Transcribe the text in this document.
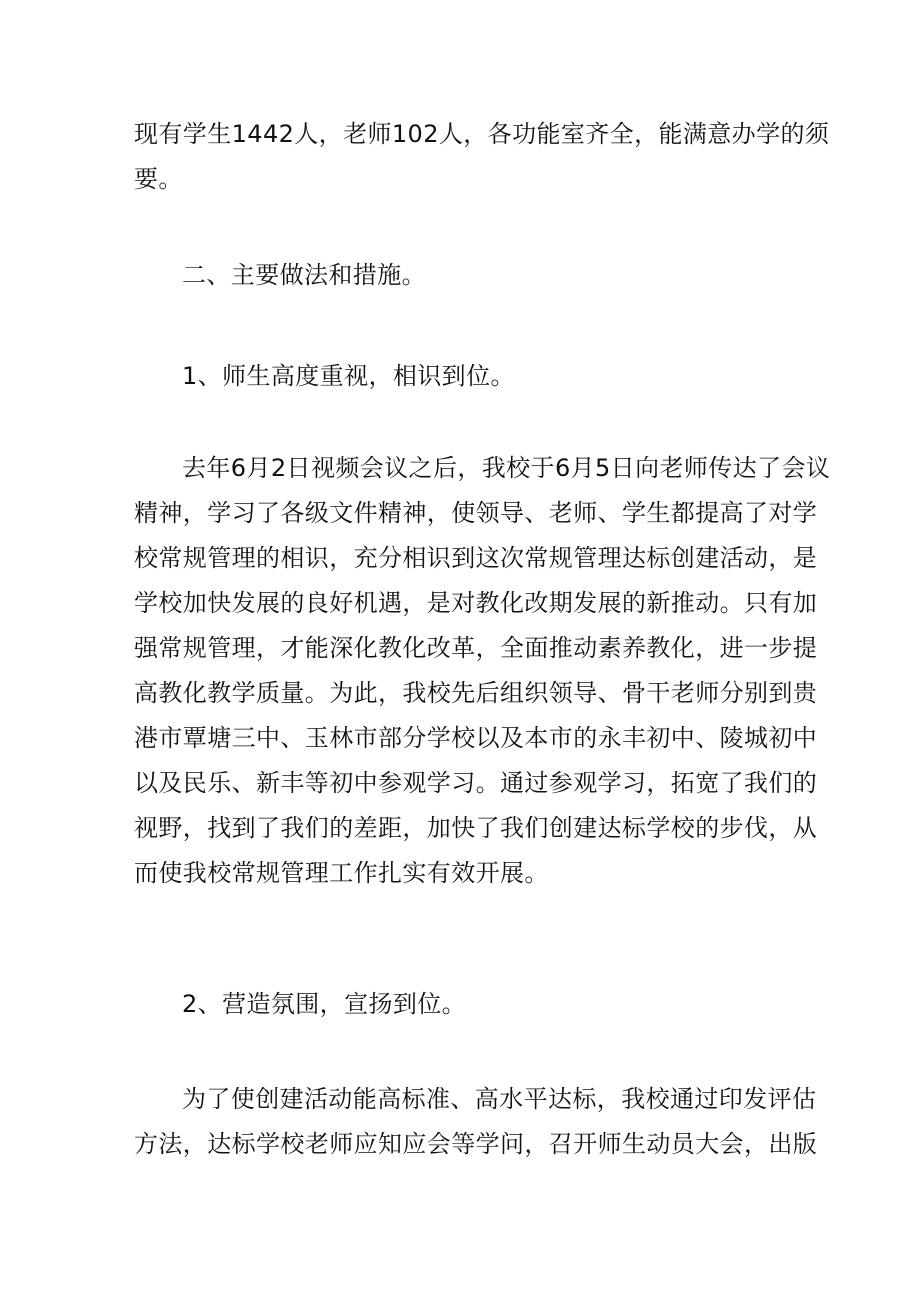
现有学生1442人，老师102人，各功能室齐全，能满意办学的须
要。
二、主要做法和措施。
1、师生高度重视，相识到位。
去年6月2日视频会议之后，我校于6月5日向老师传达了会议
精神，学习了各级文件精神，使领导、老师、学生都提高了对学
校常规管理的相识，充分相识到这次常规管理达标创建活动，是
学校加快发展的良好机遇，是对教化改期发展的新推动。只有加
强常规管理，才能深化教化改革，全面推动素养教化，进一步提
高教化教学质量。为此，我校先后组织领导、骨干老师分别到贵
港市覃塘三中、玉林市部分学校以及本市的永丰初中、陵城初中
以及民乐、新丰等初中参观学习。通过参观学习，拓宽了我们的
视野，找到了我们的差距，加快了我们创建达标学校的步伐，从
而使我校常规管理工作扎实有效开展。
2、营造氛围，宣扬到位。
为了使创建活动能高标准、高水平达标，我校通过印发评估
方法，达标学校老师应知应会等学问，召开师生动员大会，出版
